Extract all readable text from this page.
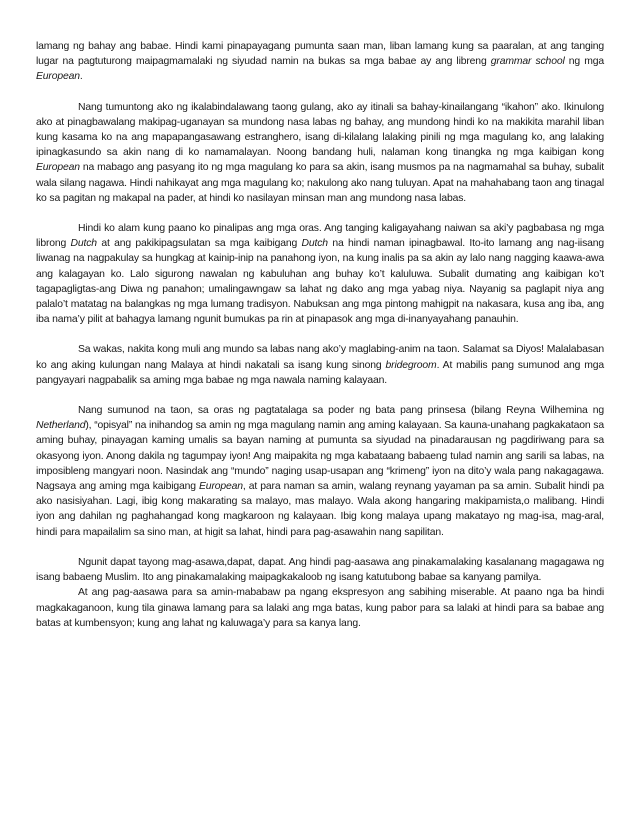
lamang ng bahay ang babae. Hindi kami pinapayagang pumunta saan man, liban lamang kung sa paaralan, at ang tanging lugar na pagtuturong maipagmamalaki ng siyudad namin na bukas sa mga babae ay ang libreng grammar school ng mga European.

Nang tumuntong ako ng ikalabindalawang taong gulang, ako ay itinali sa bahay-kinailangang “ikahon” ako. Ikinulong ako at pinagbawalang makipag-uganayan sa mundong nasa labas ng bahay, ang mundong hindi ko na makikita marahil liban kung kasama ko na ang mapapangasawang estranghero, isang di-kilalang lalaking pinili ng mga magulang ko, ang lalaking ipinagkasundo sa akin nang di ko namamalayan. Noong bandang huli, nalaman kong tinangka ng mga kaibigan kong European na mabago ang pasyang ito ng mga magulang ko para sa akin, isang musmos pa na nagmamahal sa buhay, subalit wala silang nagawa. Hindi nahikayat ang mga magulang ko; nakulong ako nang tuluyan. Apat na mahahabang taon ang tinagal ko sa pagitan ng makapal na pader, at hindi ko nasilayan minsan man ang mundong nasa labas.

Hindi ko alam kung paano ko pinalipas ang mga oras. Ang tanging kaligayahang naiwan sa aki’y pagbabasa ng mga librong Dutch at ang pakikipagsulatan sa mga kaibigang Dutch na hindi naman ipinagbawal. Ito-ito lamang ang nag-iisang liwanag na nagpakulay sa hungkag at kainip-inip na panahong iyon, na kung inalis pa sa akin ay lalo nang nagging kaawa-awa ang kalagayan ko. Lalo sigurong nawalan ng kabuluhan ang buhay ko’t kaluluwa. Subalit dumating ang kaibigan ko’t tagapagligtas-ang Diwa ng panahon; umalingawngaw sa lahat ng dako ang mga yabag niya. Nayanig sa paglapit niya ang palalo’t matatag na balangkas ng mga lumang tradisyon. Nabuksan ang mga pintong mahigpit na nakasara, kusa ang iba, ang iba nama’y pilit at bahagya lamang ngunit bumukas pa rin at pinapasok ang mga di-inanyayahang panauhin.

Sa wakas, nakita kong muli ang mundo sa labas nang ako’y maglabing-anim na taon. Salamat sa Diyos! Malalabasan ko ang aking kulungan nang Malaya at hindi nakatali sa isang kung sinong bridegroom. At mabilis pang sumunod ang mga pangyayari nagpabalik sa aming mga babae ng mga nawala naming kalayaan.

Nang sumunod na taon, sa oras ng pagtatalaga sa poder ng bata pang prinsesa (bilang Reyna Wilhemina ng Netherland), “opisyal” na inihandog sa amin ng mga magulang namin ang aming kalayaan. Sa kauna-unahang pagkakataon sa aming buhay, pinayagan kaming umalis sa bayan naming at pumunta sa siyudad na pinadarausan ng pagdiriwang para sa okasyong iyon. Anong dakila ng tagumpay iyon! Ang maipakita ng mga kabataang babaeng tulad namin ang sarili sa labas, na imposibleng mangyari noon. Nasindak ang “mundo” naging usap-usapan ang “krimeng” iyon na dito’y wala pang nakagagawa. Nagsaya ang aming mga kaibigang European, at para naman sa amin, walang reynang yayaman pa sa amin. Subalit hindi pa ako nasisiyahan. Lagi, ibig kong makarating sa malayo, mas malayo. Wala akong hangaring makipamista,o malibang. Hindi iyon ang dahilan ng paghahangad kong magkaroon ng kalayaan. Ibig kong malaya upang makatayo ng mag-isa, mag-aral, hindi para mapailalim sa sino man, at higit sa lahat, hindi para pag-asawahin nang sapilitan.

Ngunit dapat tayong mag-asawa,dapat, dapat. Ang hindi pag-aasawa ang pinakamalaking kasalanang magagawa ng isang babaeng Muslim. Ito ang pinakamalaking maipagkakaloob ng isang katutubong babae sa kanyang pamilya.

At ang pag-aasawa para sa amin-mababaw pa ngang ekspresyon ang sabihing miserable. At paano nga ba hindi magkakaganoon, kung tila ginawa lamang para sa lalaki ang mga batas, kung pabor para sa lalaki at hindi para sa babae ang batas at kumbensyon; kung ang lahat ng kaluwaga’y para sa kanya lang.
